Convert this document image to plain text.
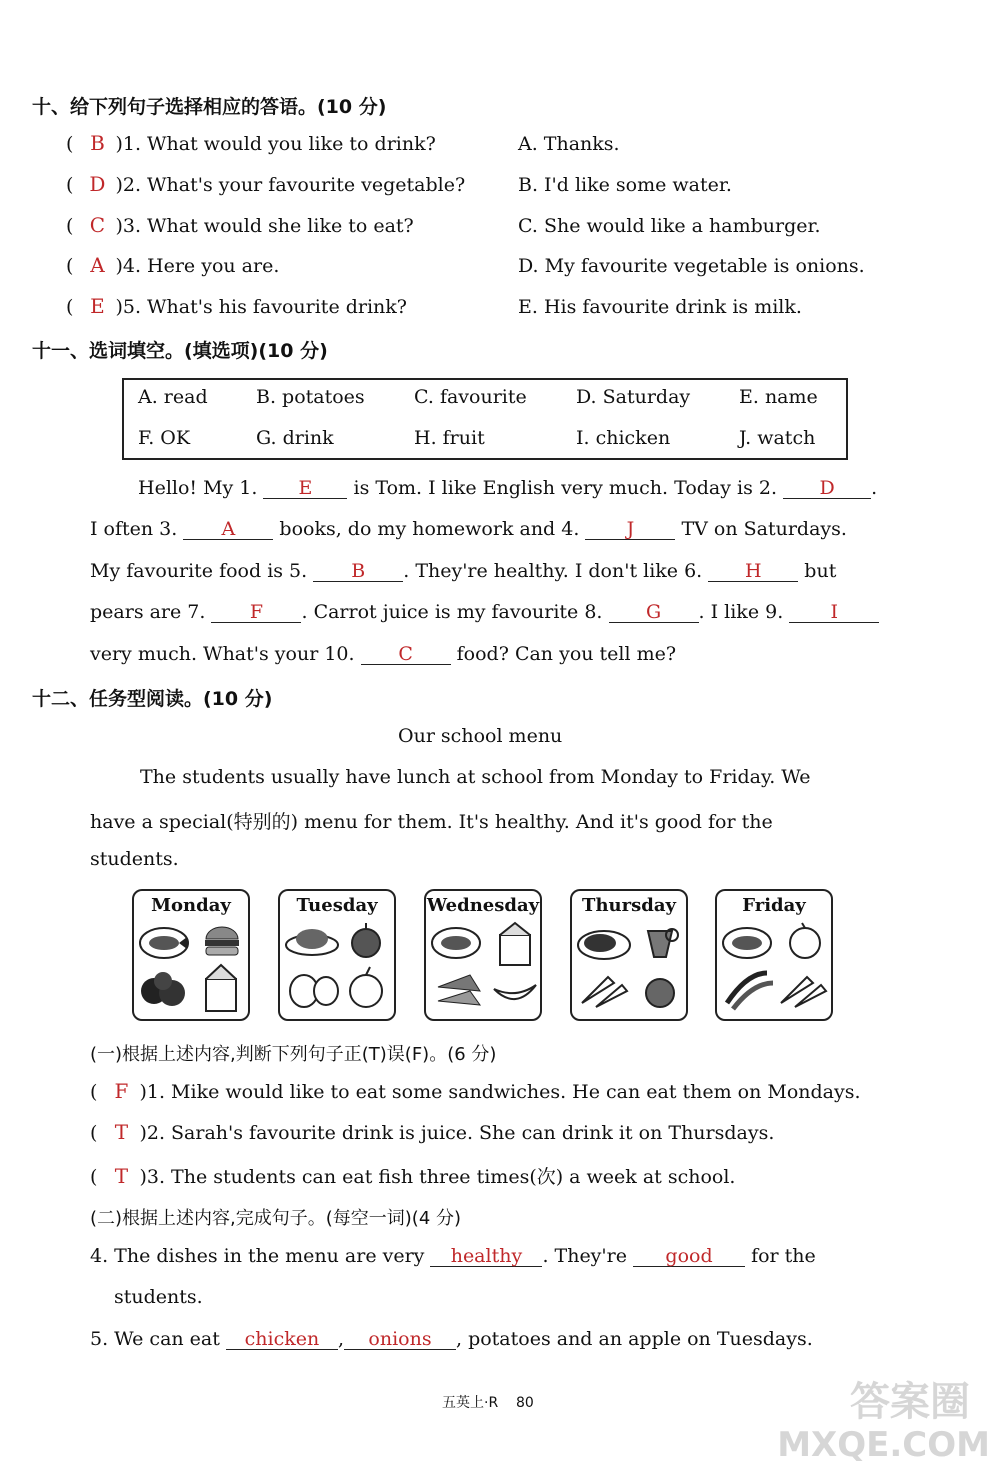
十、给下列句子选择相应的答语。(10 分)
( B )1. What would you like to drink?
( D )2. What's your favourite vegetable?
( C )3. What would she like to eat?
( A )4. Here you are.
( E )5. What's his favourite drink?
A. Thanks.
B. I'd like some water.
C. She would like a hamburger.
D. My favourite vegetable is onions.
E. His favourite drink is milk.
十一、选词填空。(填选项)(10 分)
A. read	B. potatoes	C. favourite	D. Saturday	E. name
F. OK	G. drink	H. fruit	I. chicken	J. watch
Hello! My 1. E is Tom. I like English very much. Today is 2. D .
I often 3. A books, do my homework and 4. J TV on Saturdays.
My favourite food is 5. B . They're healthy. I don't like 6. H but
pears are 7. F . Carrot juice is my favourite 8. G . I like 9. I
very much. What's your 10. C food? Can you tell me?
十二、任务型阅读。(10 分)
Our school menu
The students usually have lunch at school from Monday to Friday. We
have a special(特别的) menu for them. It's healthy. And it's good for the
students.
Monday	Tuesday	Wednesday	Thursday	Friday
(一)根据上述内容,判断下列句子正(T)误(F)。(6 分)
( F )1. Mike would like to eat some sandwiches. He can eat them on Mondays.
( T )2. Sarah's favourite drink is juice. She can drink it on Thursdays.
( T )3. The students can eat fish three times(次) a week at school.
(二)根据上述内容,完成句子。(每空一词)(4 分)
4. The dishes in the menu are very healthy . They're good for the
students.
5. We can eat chicken , onions , potatoes and an apple on Tuesdays.
五英上·R 80	答案圈
MXQE.COM
